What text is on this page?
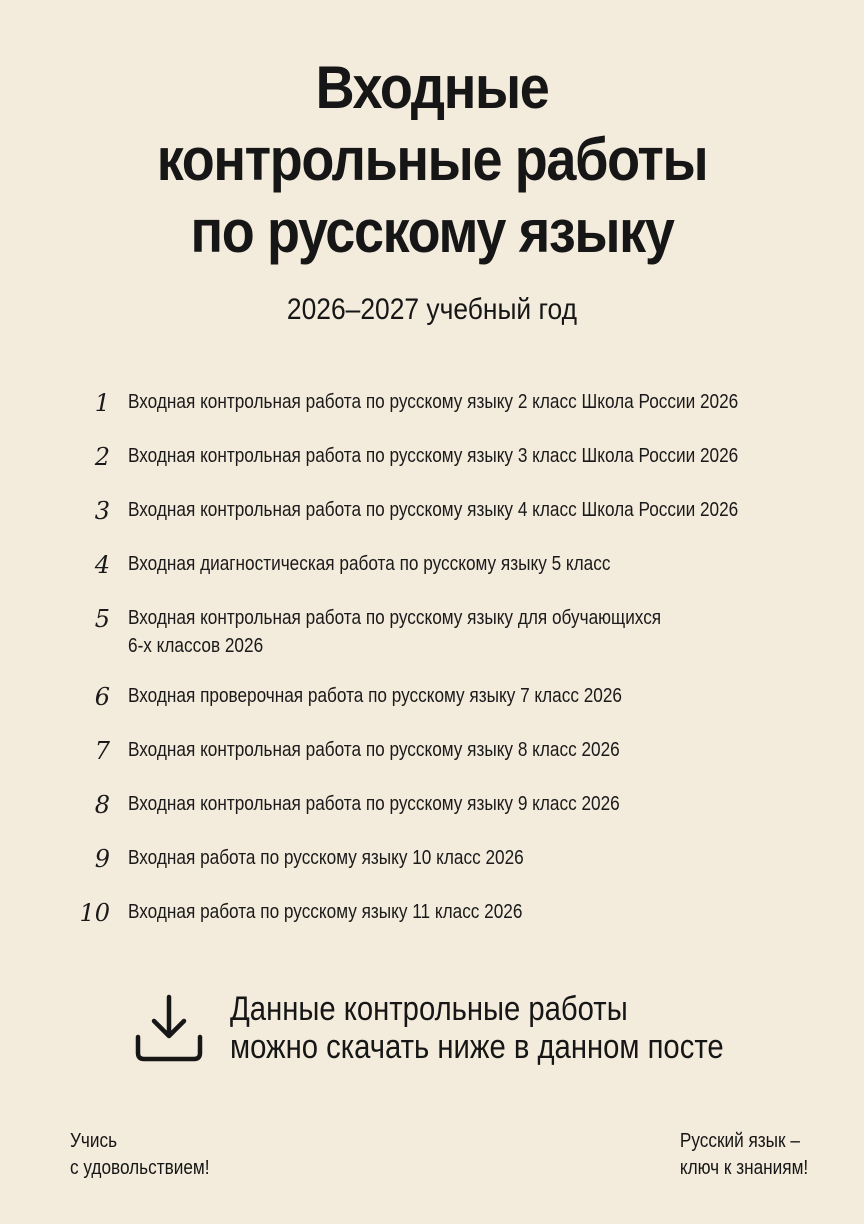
Входные
контрольные работы
по русскому языку
2026–2027 учебный год
1 Входная контрольная работа по русскому языку 2 класс Школа России 2026
2 Входная контрольная работа по русскому языку 3 класс Школа России 2026
3 Входная контрольная работа по русскому языку 4 класс Школа России 2026
4 Входная диагностическая работа по русскому языку 5 класс
5 Входная контрольная работа по русскому языку для обучающихся
6-х классов 2026
6 Входная проверочная работа по русскому языку 7 класс 2026
7 Входная контрольная работа по русскому языку 8 класс 2026
8 Входная контрольная работа по русскому языку 9 класс 2026
9 Входная работа по русскому языку 10 класс 2026
10 Входная работа по русскому языку 11 класс 2026
Данные контрольные работы
можно скачать ниже в данном посте
Учись
с удовольствием!
Русский язык –
ключ к знаниям!
